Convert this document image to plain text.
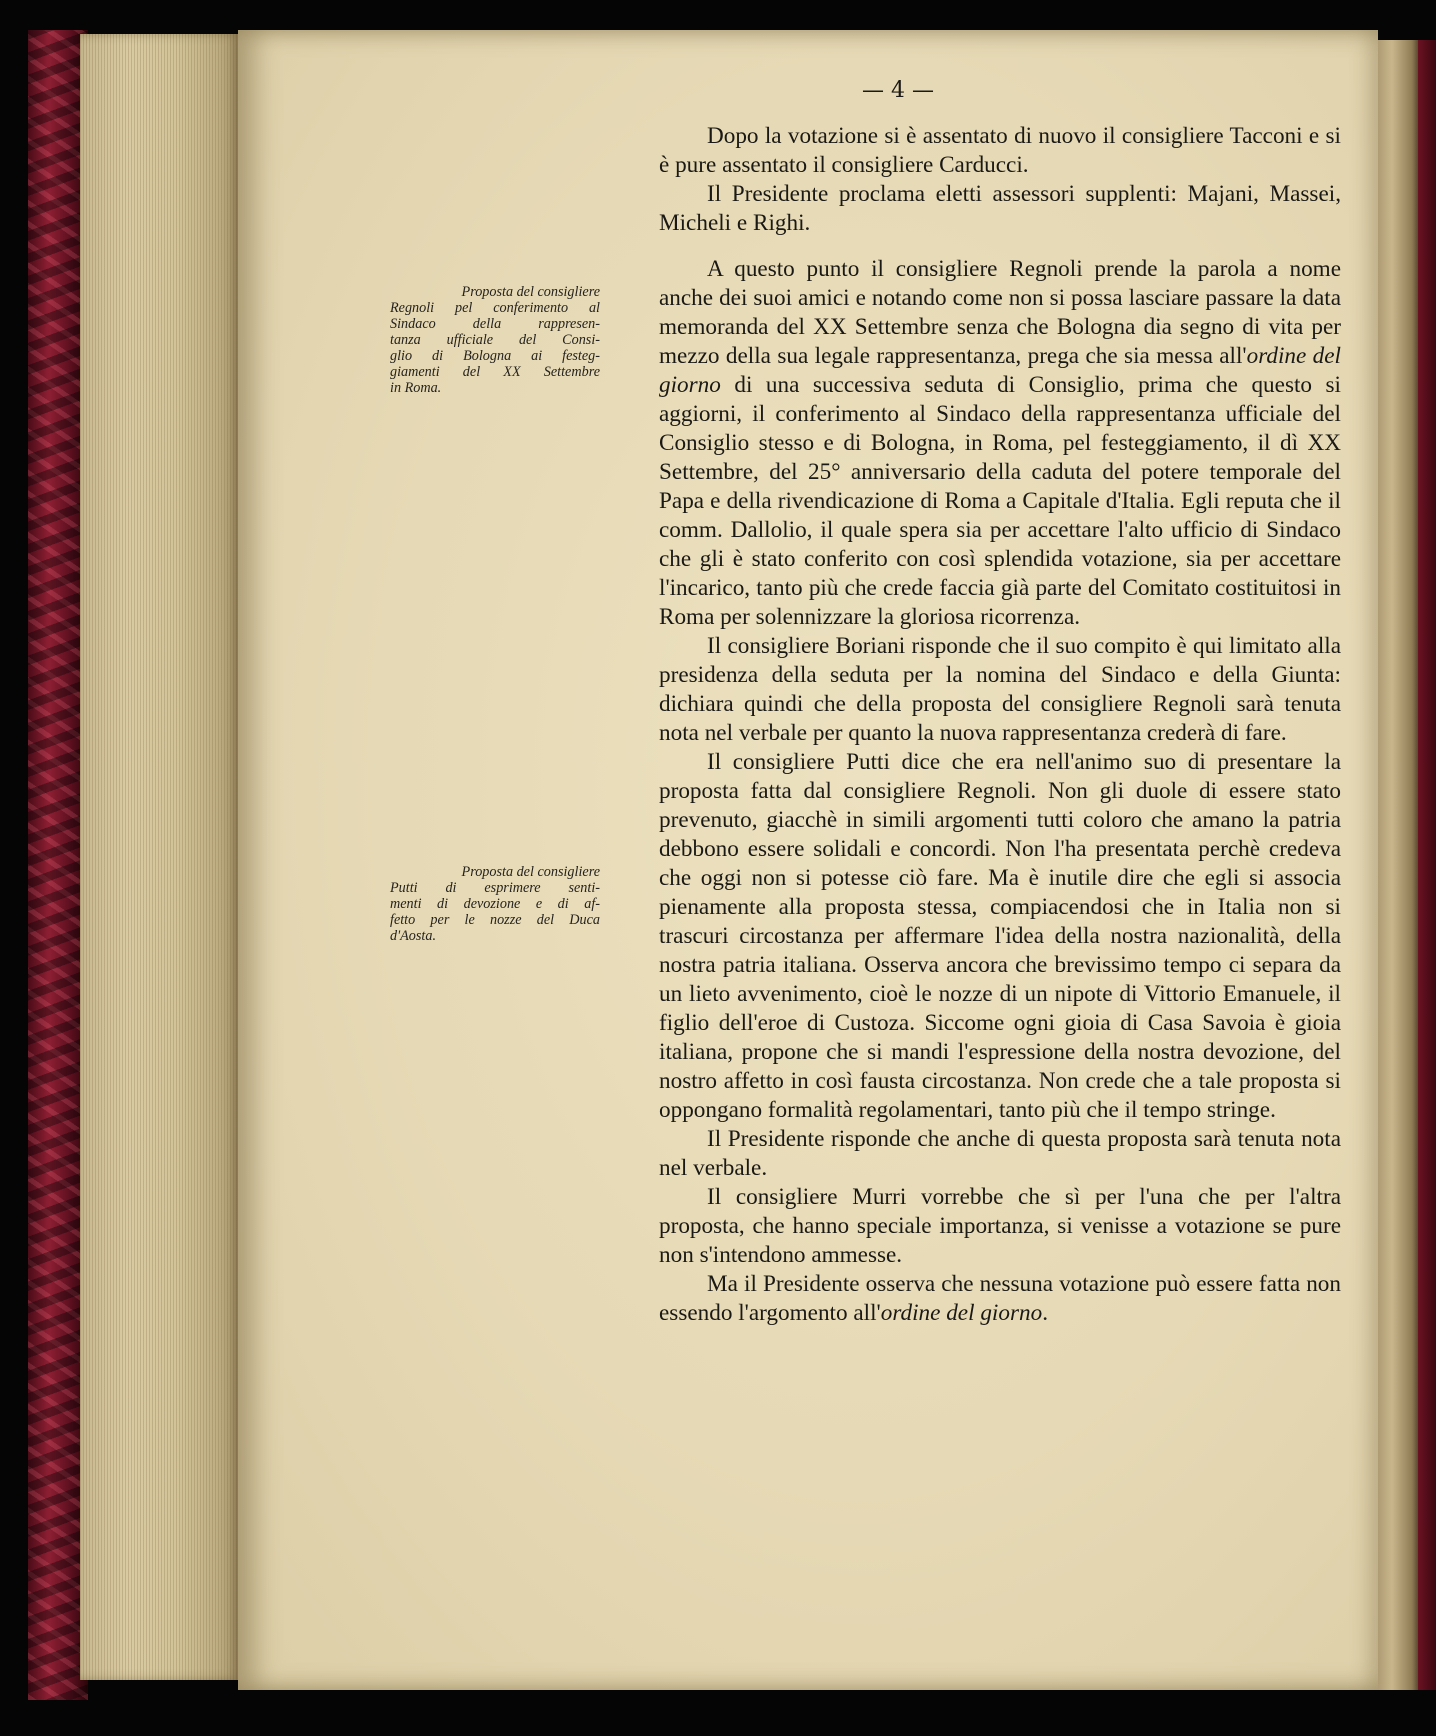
— 4 —
Proposta del consigliere
Regnoli pel conferimento al
Sindaco della rappresen-
tanza ufficiale del Consi-
glio di Bologna ai festeg-
giamenti del XX Settembre
in Roma.
Proposta del consigliere
Putti di esprimere senti-
menti di devozione e di af-
fetto per le nozze del Duca
d'Aosta.

Dopo la votazione si è assentato di nuovo il consigliere Tacconi e si è pure assentato il consigliere Carducci.

Il Presidente proclama eletti assessori supplenti: Majani, Massei, Micheli e Righi.

A questo punto il consigliere Regnoli prende la parola a nome anche dei suoi amici e notando come non si possa lasciare passare la data memoranda del XX Settembre senza che Bologna dia segno di vita per mezzo della sua legale rappresentanza, prega che sia messa all'ordine del giorno di una successiva seduta di Consiglio, prima che questo si aggiorni, il conferimento al Sindaco della rappresentanza ufficiale del Consiglio stesso e di Bologna, in Roma, pel festeggiamento, il dì XX Settembre, del 25° anniversario della caduta del potere temporale del Papa e della rivendicazione di Roma a Capitale d'Italia. Egli reputa che il comm. Dallolio, il quale spera sia per accettare l'alto ufficio di Sindaco che gli è stato conferito con così splendida votazione, sia per accettare l'incarico, tanto più che crede faccia già parte del Comitato costituitosi in Roma per solennizzare la gloriosa ricorrenza.

Il consigliere Boriani risponde che il suo compito è qui limitato alla presidenza della seduta per la nomina del Sindaco e della Giunta: dichiara quindi che della proposta del consigliere Regnoli sarà tenuta nota nel verbale per quanto la nuova rappresentanza crederà di fare.

Il consigliere Putti dice che era nell'animo suo di presentare la proposta fatta dal consigliere Regnoli. Non gli duole di essere stato prevenuto, giacchè in simili argomenti tutti coloro che amano la patria debbono essere solidali e concordi. Non l'ha presentata perchè credeva che oggi non si potesse ciò fare. Ma è inutile dire che egli si associa pienamente alla proposta stessa, compiacendosi che in Italia non si trascuri circostanza per affermare l'idea della nostra nazionalità, della nostra patria italiana. Osserva ancora che brevissimo tempo ci separa da un lieto avvenimento, cioè le nozze di un nipote di Vittorio Emanuele, il figlio dell'eroe di Custoza. Siccome ogni gioia di Casa Savoia è gioia italiana, propone che si mandi l'espressione della nostra devozione, del nostro affetto in così fausta circostanza. Non crede che a tale proposta si oppongano formalità regolamentari, tanto più che il tempo stringe.

Il Presidente risponde che anche di questa proposta sarà tenuta nota nel verbale.

Il consigliere Murri vorrebbe che sì per l'una che per l'altra proposta, che hanno speciale importanza, si venisse a votazione se pure non s'intendono ammesse.

Ma il Presidente osserva che nessuna votazione può essere fatta non essendo l'argomento all'ordine del giorno.
